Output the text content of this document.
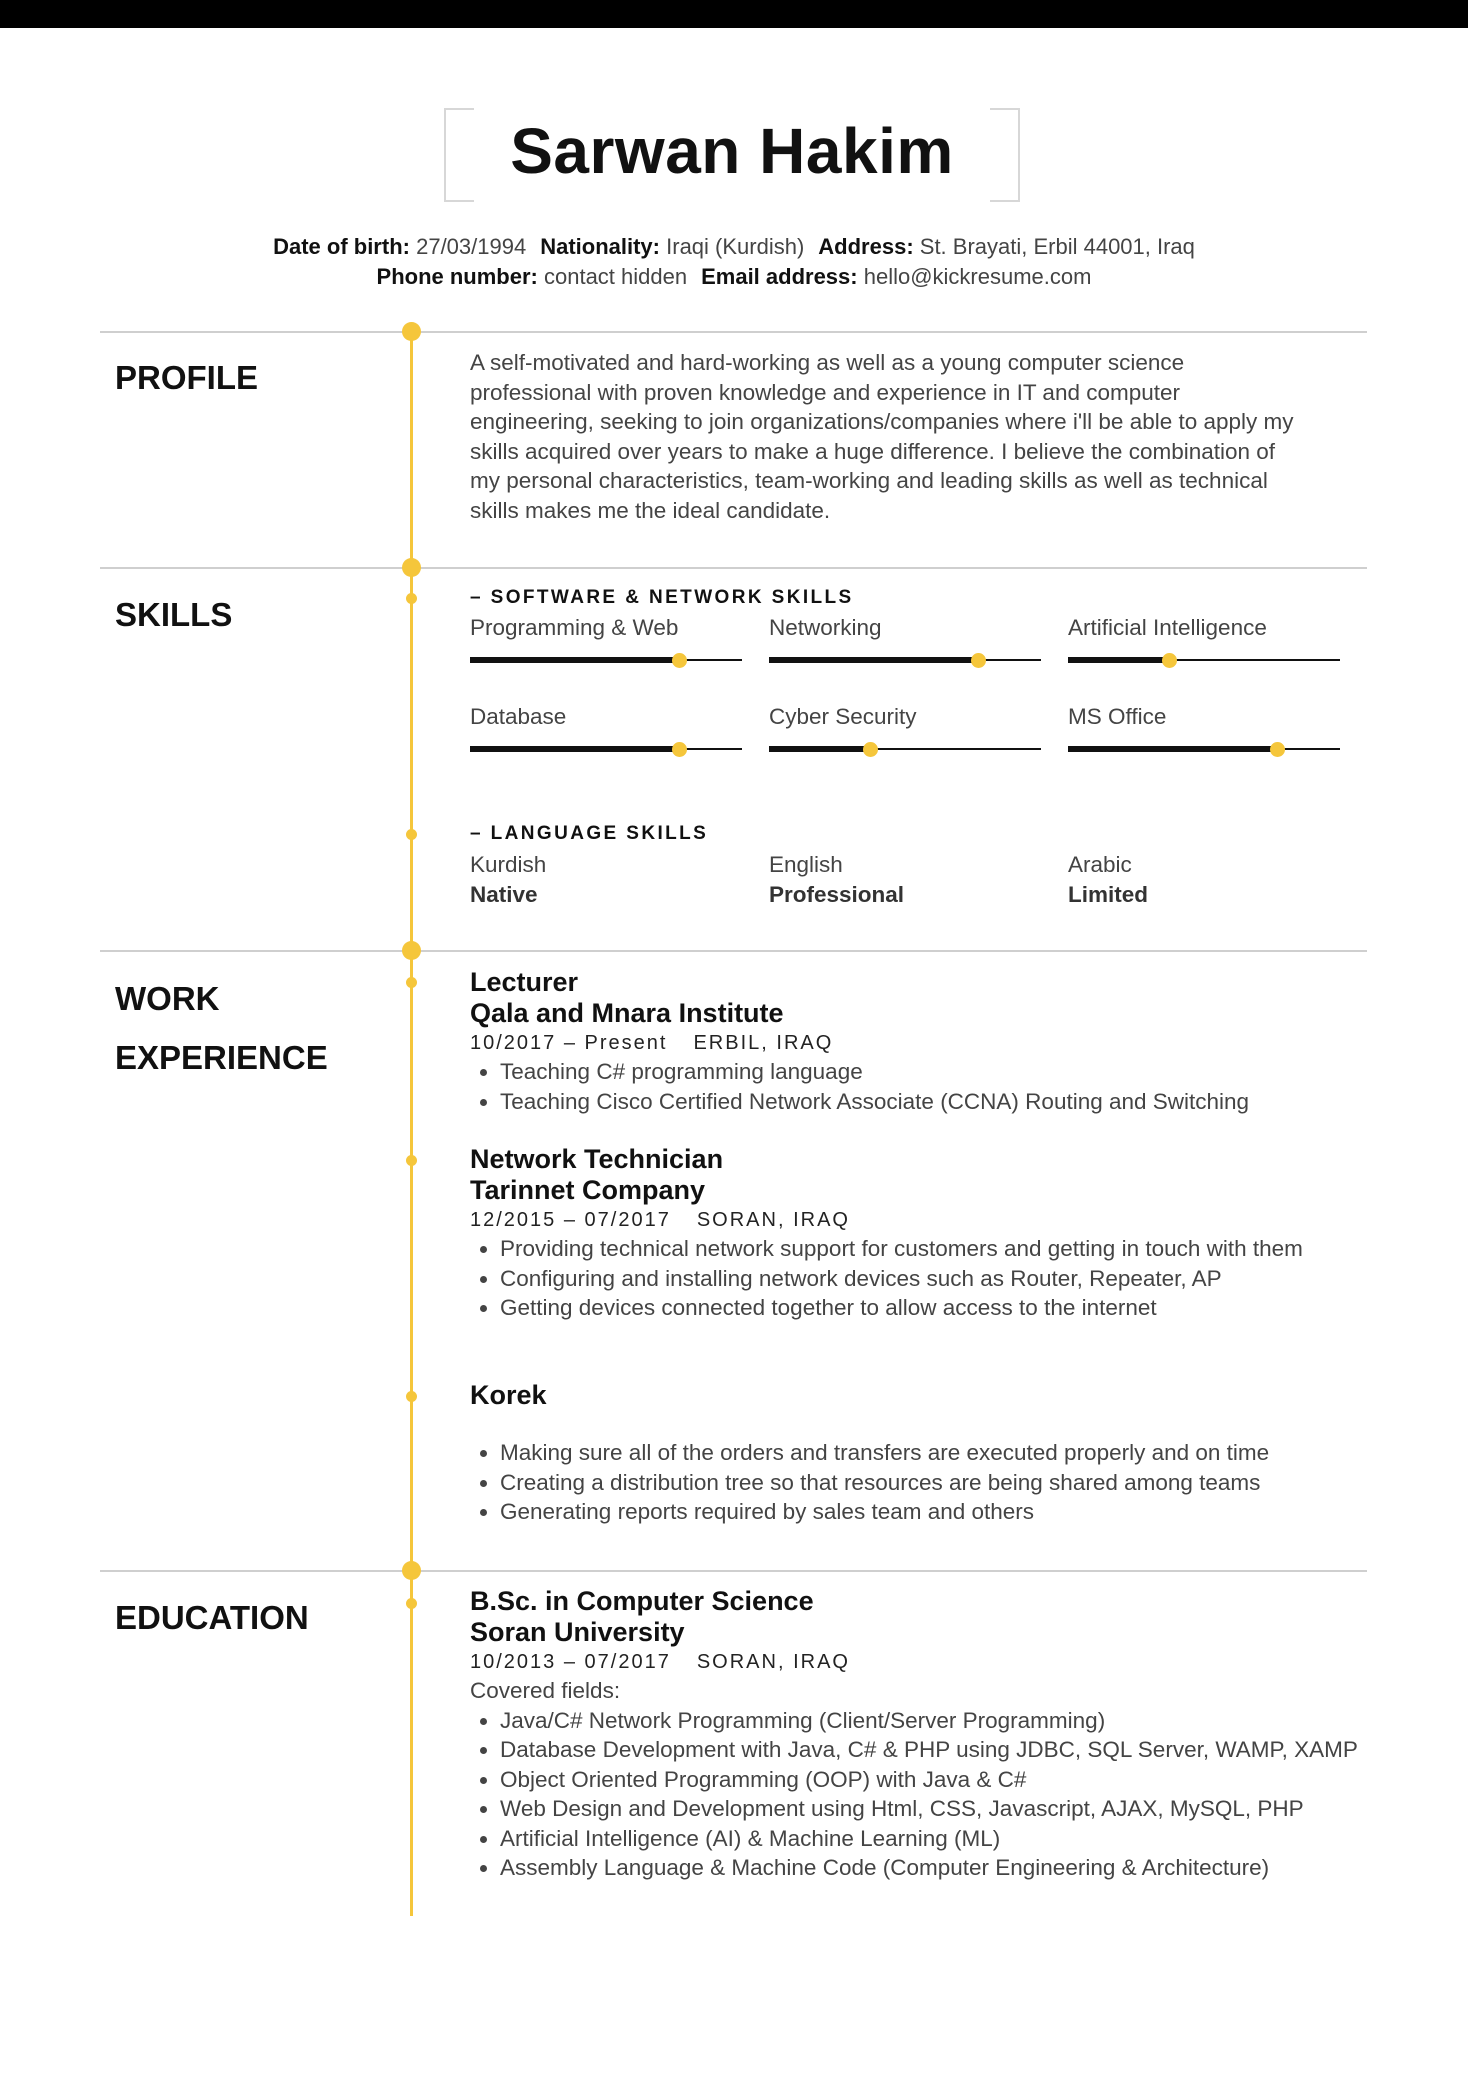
Sarwan Hakim
Date of birth: 27/03/1994 Nationality: Iraqi (Kurdish) Address: St. Brayati, Erbil 44001, Iraq
Phone number: contact hidden Email address: hello@kickresume.com
PROFILE
SKILLS
WORK
EXPERIENCE
EDUCATION
A self-motivated and hard-working as well as a young computer science
professional with proven knowledge and experience in IT and computer
engineering, seeking to join organizations/companies where i'll be able to apply my
skills acquired over years to make a huge difference. I believe the combination of
my personal characteristics, team-working and leading skills as well as technical
skills makes me the ideal candidate.
– SOFTWARE & NETWORK SKILLS
Programming & Web	Networking	Artificial Intelligence
Database	Cyber Security	MS Office
– LANGUAGE SKILLS
Kurdish
Native
English
Professional
Arabic
Limited
Lecturer
Qala and Mnara Institute
10/2017 – Present ERBIL, IRAQ
• Teaching C# programming language
• Teaching Cisco Certified Network Associate (CCNA) Routing and Switching
Network Technician
Tarinnet Company
12/2015 – 07/2017 SORAN, IRAQ
• Providing technical network support for customers and getting in touch with them
• Configuring and installing network devices such as Router, Repeater, AP
• Getting devices connected together to allow access to the internet
Korek
• Making sure all of the orders and transfers are executed properly and on time
• Creating a distribution tree so that resources are being shared among teams
• Generating reports required by sales team and others
B.Sc. in Computer Science
Soran University
10/2013 – 07/2017 SORAN, IRAQ
Covered fields:
• Java/C# Network Programming (Client/Server Programming)
• Database Development with Java, C# & PHP using JDBC, SQL Server, WAMP, XAMP
• Object Oriented Programming (OOP) with Java & C#
• Web Design and Development using Html, CSS, Javascript, AJAX, MySQL, PHP
• Artificial Intelligence (AI) & Machine Learning (ML)
• Assembly Language & Machine Code (Computer Engineering & Architecture)
